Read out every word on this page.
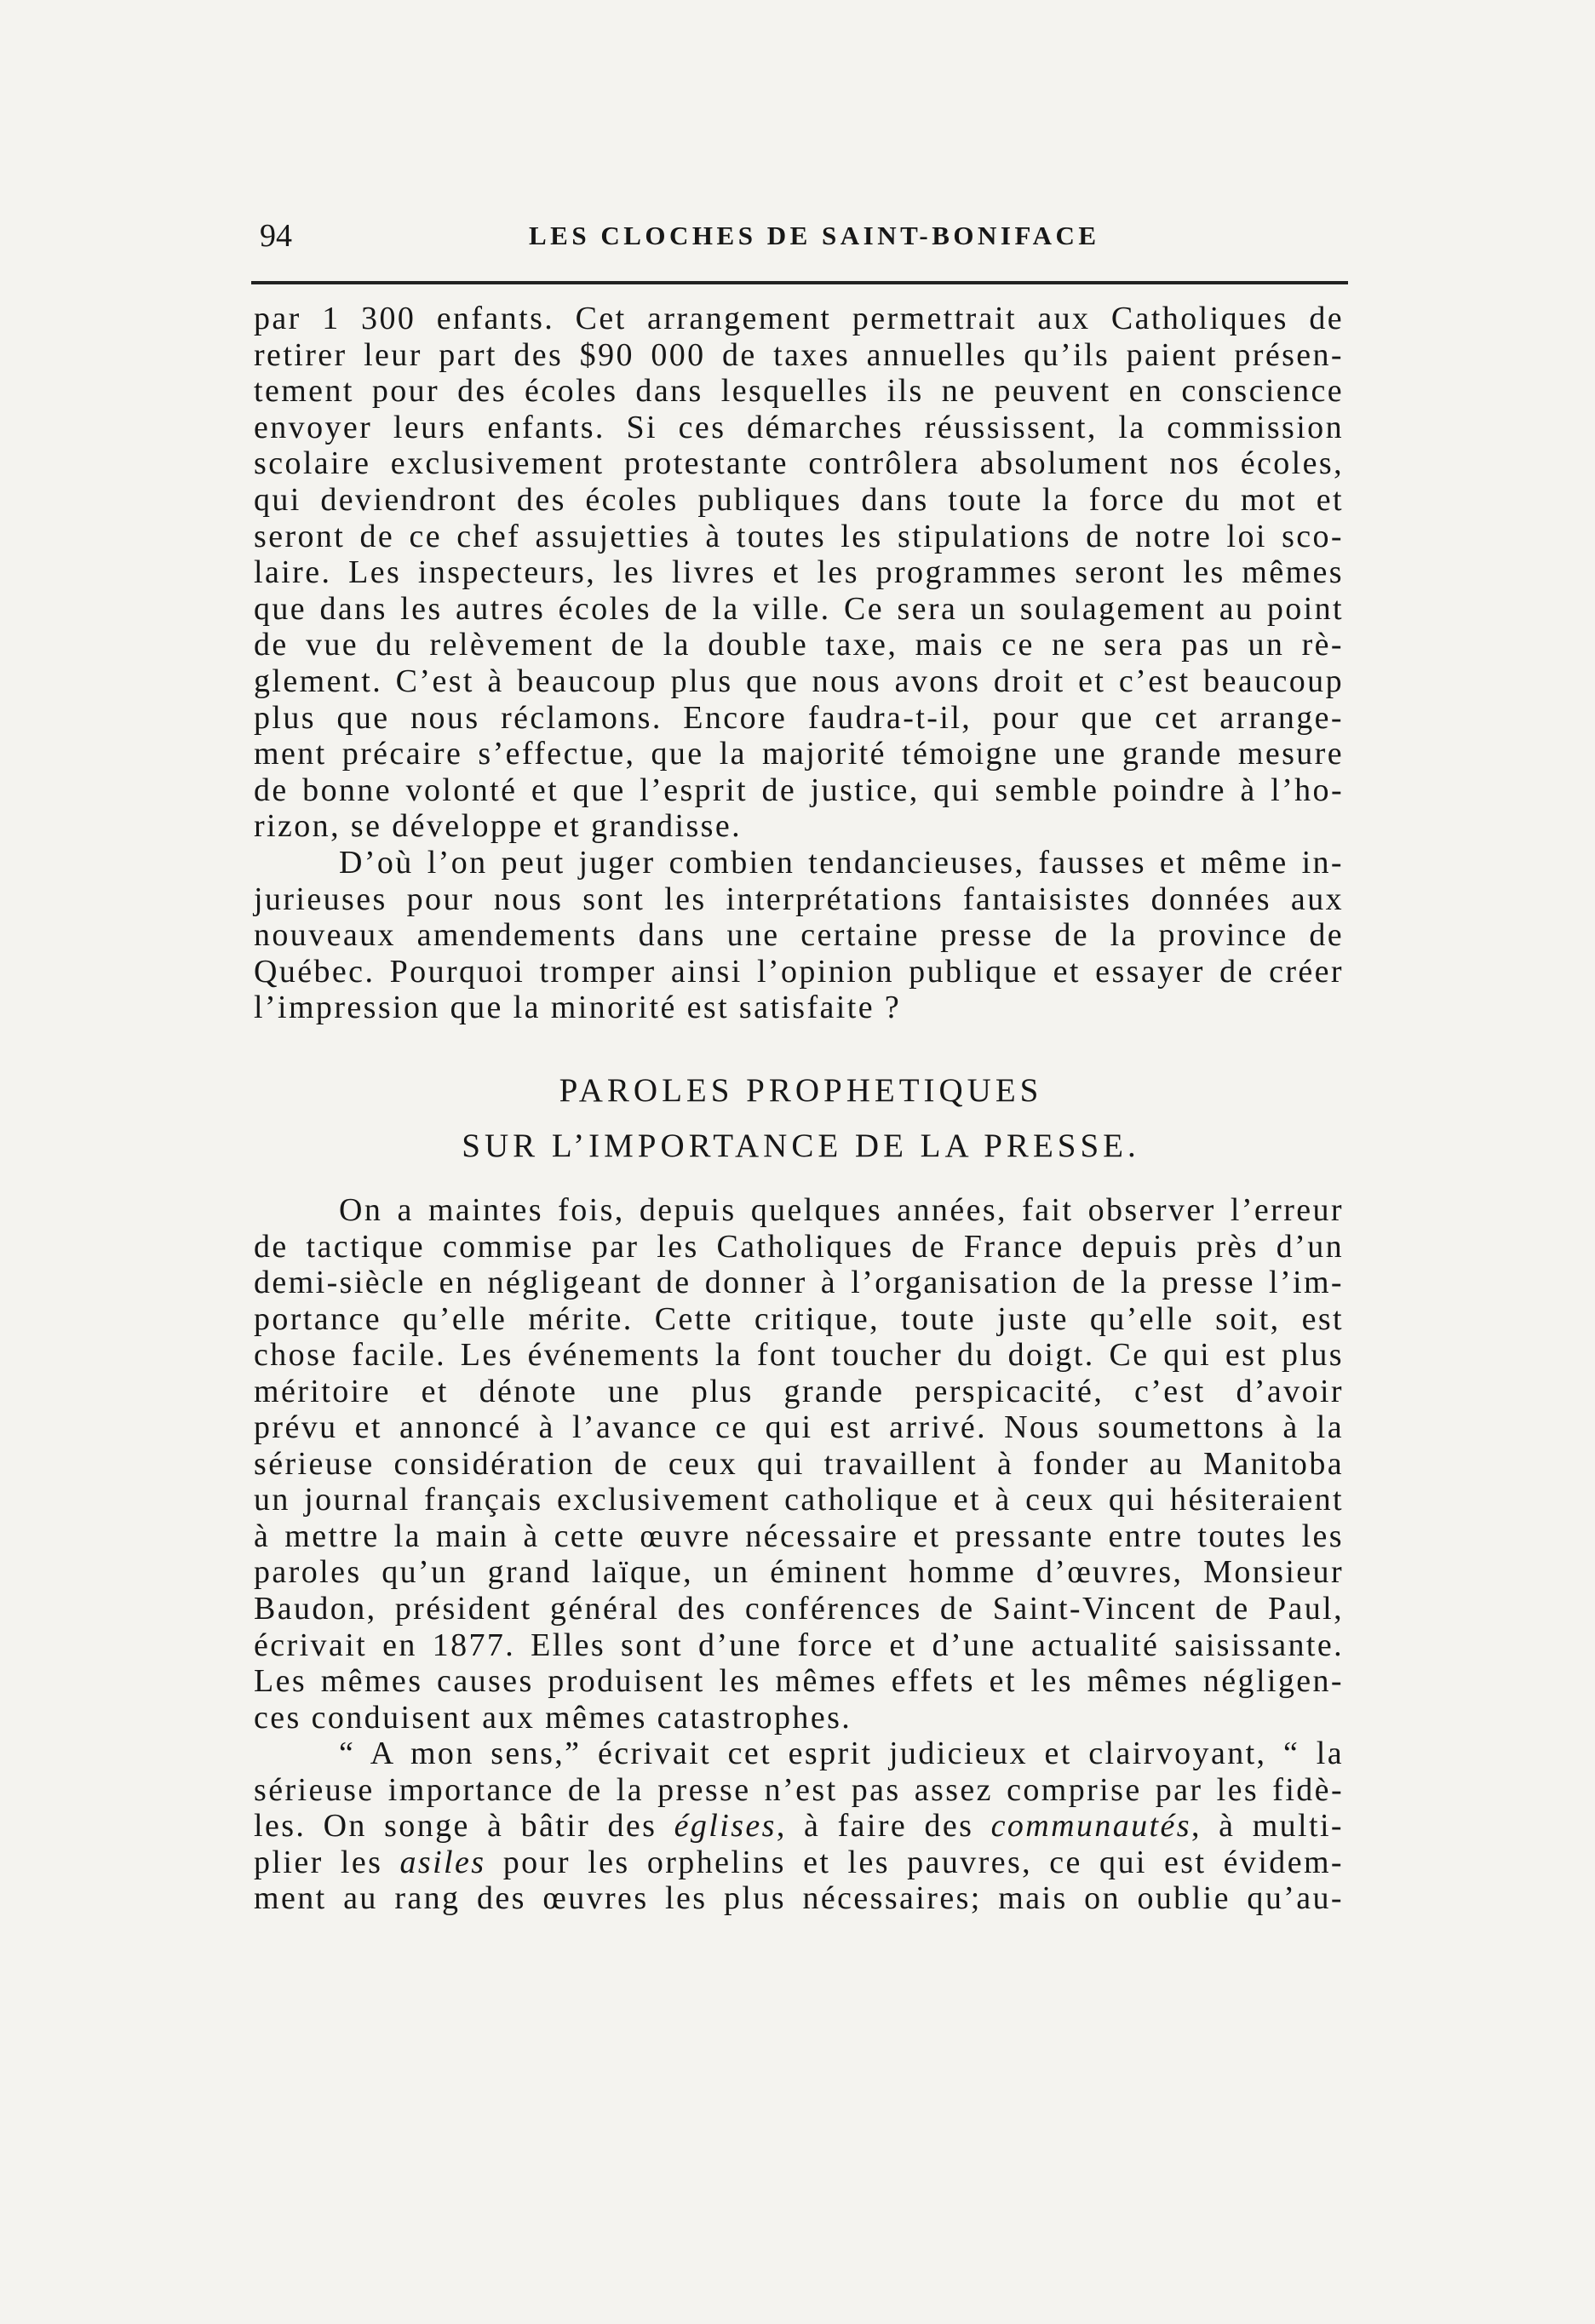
94	LES CLOCHES DE SAINT-BONIFACE
par 1 300 enfants. Cet arrangement permettrait aux Catholiques de
retirer leur part des $90 000 de taxes annuelles qu’ils paient présen-
tement pour des écoles dans lesquelles ils ne peuvent en conscience
envoyer leurs enfants. Si ces démarches réussissent, la commission
scolaire exclusivement protestante contrôlera absolument nos écoles,
qui deviendront des écoles publiques dans toute la force du mot et
seront de ce chef assujetties à toutes les stipulations de notre loi sco-
laire. Les inspecteurs, les livres et les programmes seront les mêmes
que dans les autres écoles de la ville. Ce sera un soulagement au point
de vue du relèvement de la double taxe, mais ce ne sera pas un rè-
glement. C’est à beaucoup plus que nous avons droit et c’est beaucoup
plus que nous réclamons. Encore faudra-t-il, pour que cet arrange-
ment précaire s’effectue, que la majorité témoigne une grande mesure
de bonne volonté et que l’esprit de justice, qui semble poindre à l’ho-
rizon, se développe et grandisse.
D’où l’on peut juger combien tendancieuses, fausses et même in-
jurieuses pour nous sont les interprétations fantaisistes données aux
nouveaux amendements dans une certaine presse de la province de
Québec. Pourquoi tromper ainsi l’opinion publique et essayer de créer
l’impression que la minorité est satisfaite ?
PAROLES PROPHETIQUES
SUR L’IMPORTANCE DE LA PRESSE.
On a maintes fois, depuis quelques années, fait observer l’erreur
de tactique commise par les Catholiques de France depuis près d’un
demi-siècle en négligeant de donner à l’organisation de la presse l’im-
portance qu’elle mérite. Cette critique, toute juste qu’elle soit, est
chose facile. Les événements la font toucher du doigt. Ce qui est plus
méritoire et dénote une plus grande perspicacité, c’est d’avoir
prévu et annoncé à l’avance ce qui est arrivé. Nous soumettons à la
sérieuse considération de ceux qui travaillent à fonder au Manitoba
un journal français exclusivement catholique et à ceux qui hésiteraient
à mettre la main à cette œuvre nécessaire et pressante entre toutes les
paroles qu’un grand laïque, un éminent homme d’œuvres, Monsieur
Baudon, président général des conférences de Saint-Vincent de Paul,
écrivait en 1877. Elles sont d’une force et d’une actualité saisissante.
Les mêmes causes produisent les mêmes effets et les mêmes négligen-
ces conduisent aux mêmes catastrophes.
“ A mon sens,” écrivait cet esprit judicieux et clairvoyant, “ la
sérieuse importance de la presse n’est pas assez comprise par les fidè-
les. On songe à bâtir des églises, à faire des communautés, à multi-
plier les asiles pour les orphelins et les pauvres, ce qui est évidem-
ment au rang des œuvres les plus nécessaires; mais on oublie qu’au-
